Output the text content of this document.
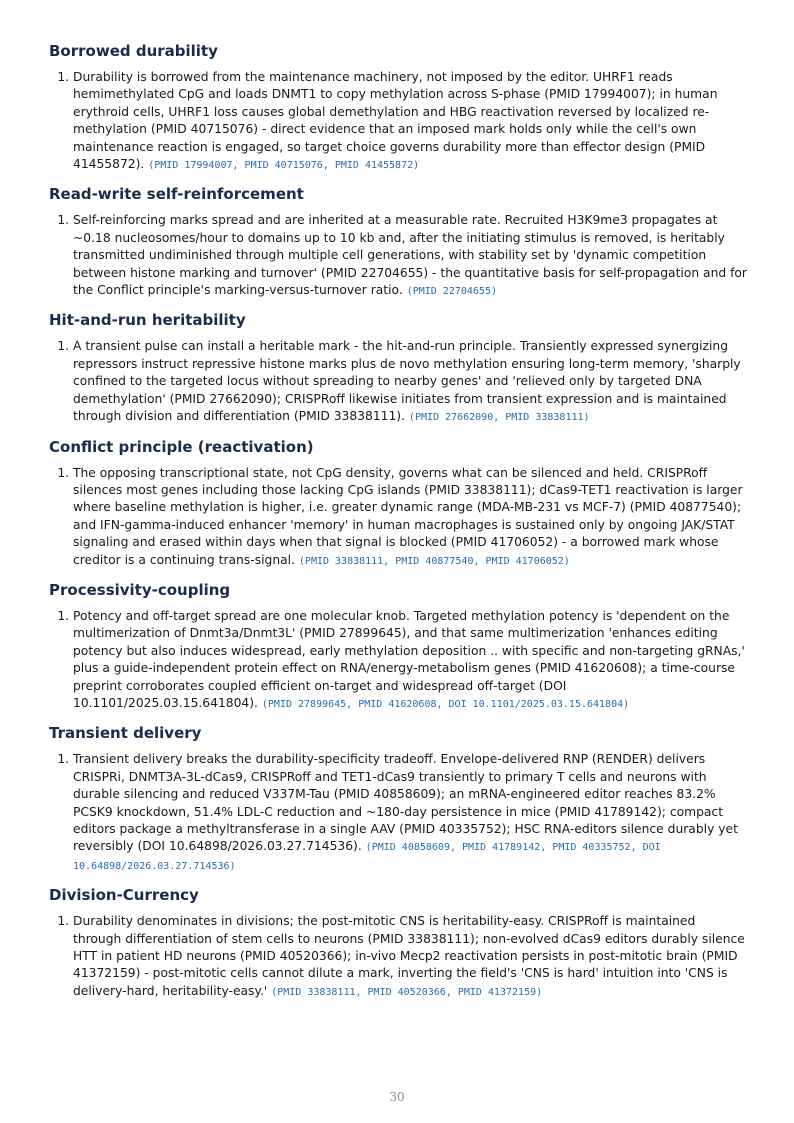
Borrowed durability
1. Durability is borrowed from the maintenance machinery, not imposed by the editor. UHRF1 reads hemimethylated CpG and loads DNMT1 to copy methylation across S-phase (PMID 17994007); in human erythroid cells, UHRF1 loss causes global demethylation and HBG reactivation reversed by localized re-methylation (PMID 40715076) - direct evidence that an imposed mark holds only while the cell's own maintenance reaction is engaged, so target choice governs durability more than effector design (PMID 41455872). (PMID 17994007, PMID 40715076, PMID 41455872)
Read-write self-reinforcement
1. Self-reinforcing marks spread and are inherited at a measurable rate. Recruited H3K9me3 propagates at ~0.18 nucleosomes/hour to domains up to 10 kb and, after the initiating stimulus is removed, is heritably transmitted undiminished through multiple cell generations, with stability set by 'dynamic competition between histone marking and turnover' (PMID 22704655) - the quantitative basis for self-propagation and for the Conflict principle's marking-versus-turnover ratio. (PMID 22704655)
Hit-and-run heritability
1. A transient pulse can install a heritable mark - the hit-and-run principle. Transiently expressed synergizing repressors instruct repressive histone marks plus de novo methylation ensuring long-term memory, 'sharply confined to the targeted locus without spreading to nearby genes' and 'relieved only by targeted DNA demethylation' (PMID 27662090); CRISPRoff likewise initiates from transient expression and is maintained through division and differentiation (PMID 33838111). (PMID 27662090, PMID 33838111)
Conflict principle (reactivation)
1. The opposing transcriptional state, not CpG density, governs what can be silenced and held. CRISPRoff silences most genes including those lacking CpG islands (PMID 33838111); dCas9-TET1 reactivation is larger where baseline methylation is higher, i.e. greater dynamic range (MDA-MB-231 vs MCF-7) (PMID 40877540); and IFN-gamma-induced enhancer 'memory' in human macrophages is sustained only by ongoing JAK/STAT signaling and erased within days when that signal is blocked (PMID 41706052) - a borrowed mark whose creditor is a continuing trans-signal. (PMID 33838111, PMID 40877540, PMID 41706052)
Processivity-coupling
1. Potency and off-target spread are one molecular knob. Targeted methylation potency is 'dependent on the multimerization of Dnmt3a/Dnmt3L' (PMID 27899645), and that same multimerization 'enhances editing potency but also induces widespread, early methylation deposition .. with specific and non-targeting gRNAs,' plus a guide-independent protein effect on RNA/energy-metabolism genes (PMID 41620608); a time-course preprint corroborates coupled efficient on-target and widespread off-target (DOI 10.1101/2025.03.15.641804). (PMID 27899645, PMID 41620608, DOI 10.1101/2025.03.15.641804)
Transient delivery
1. Transient delivery breaks the durability-specificity tradeoff. Envelope-delivered RNP (RENDER) delivers CRISPRi, DNMT3A-3L-dCas9, CRISPRoff and TET1-dCas9 transiently to primary T cells and neurons with durable silencing and reduced V337M-Tau (PMID 40858609); an mRNA-engineered editor reaches 83.2% PCSK9 knockdown, 51.4% LDL-C reduction and ~180-day persistence in mice (PMID 41789142); compact editors package a methyltransferase in a single AAV (PMID 40335752); HSC RNA-editors silence durably yet reversibly (DOI 10.64898/2026.03.27.714536). (PMID 40858609, PMID 41789142, PMID 40335752, DOI 10.64898/2026.03.27.714536)
Division-Currency
1. Durability denominates in divisions; the post-mitotic CNS is heritability-easy. CRISPRoff is maintained through differentiation of stem cells to neurons (PMID 33838111); non-evolved dCas9 editors durably silence HTT in patient HD neurons (PMID 40520366); in-vivo Mecp2 reactivation persists in post-mitotic brain (PMID 41372159) - post-mitotic cells cannot dilute a mark, inverting the field's 'CNS is hard' intuition into 'CNS is delivery-hard, heritability-easy.' (PMID 33838111, PMID 40520366, PMID 41372159)
30
